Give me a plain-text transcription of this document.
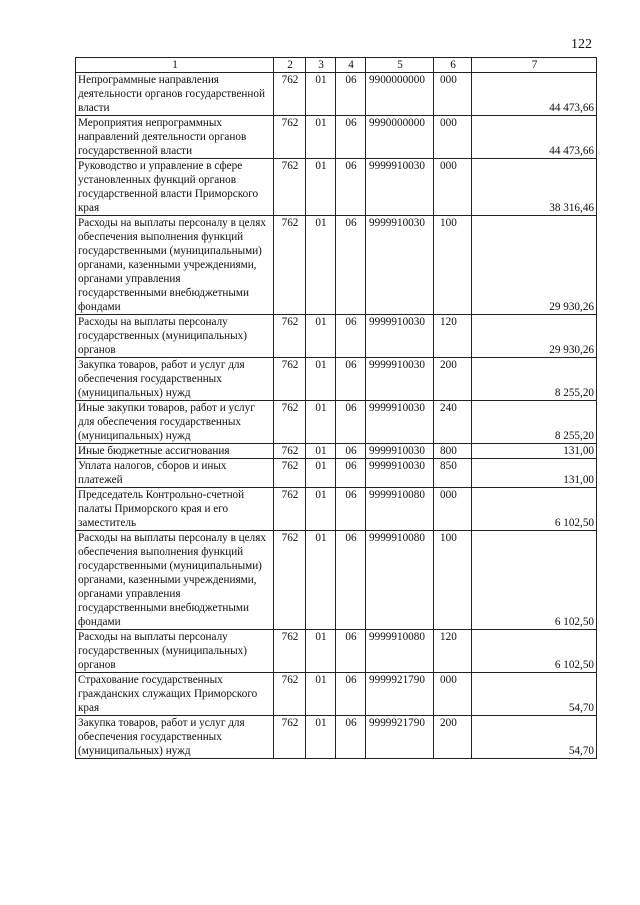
122
1	2	3	4	5	6	7
Непрограммные направления деятельности органов государственной власти	762	01	06	9900000000	000	44 473,66
Мероприятия непрограммных направлений деятельности органов государственной власти	762	01	06	9990000000	000	44 473,66
Руководство и управление в сфере установленных функций органов государственной власти Приморского края	762	01	06	9999910030	000	38 316,46
Расходы на выплаты персоналу в целях обеспечения выполнения функций государственными (муниципальными) органами, казенными учреждениями, органами управления государственными внебюджетными фондами	762	01	06	9999910030	100	29 930,26
Расходы на выплаты персоналу государственных (муниципальных) органов	762	01	06	9999910030	120	29 930,26
Закупка товаров, работ и услуг для обеспечения государственных (муниципальных) нужд	762	01	06	9999910030	200	8 255,20
Иные закупки товаров, работ и услуг для обеспечения государственных (муниципальных) нужд	762	01	06	9999910030	240	8 255,20
Иные бюджетные ассигнования	762	01	06	9999910030	800	131,00
Уплата налогов, сборов и иных платежей	762	01	06	9999910030	850	131,00
Председатель Контрольно-счетной палаты Приморского края и его заместитель	762	01	06	9999910080	000	6 102,50
Расходы на выплаты персоналу в целях обеспечения выполнения функций государственными (муниципальными) органами, казенными учреждениями, органами управления государственными внебюджетными фондами	762	01	06	9999910080	100	6 102,50
Расходы на выплаты персоналу государственных (муниципальных) органов	762	01	06	9999910080	120	6 102,50
Страхование государственных гражданских служащих Приморского края	762	01	06	9999921790	000	54,70
Закупка товаров, работ и услуг для обеспечения государственных (муниципальных) нужд	762	01	06	9999921790	200	54,70
